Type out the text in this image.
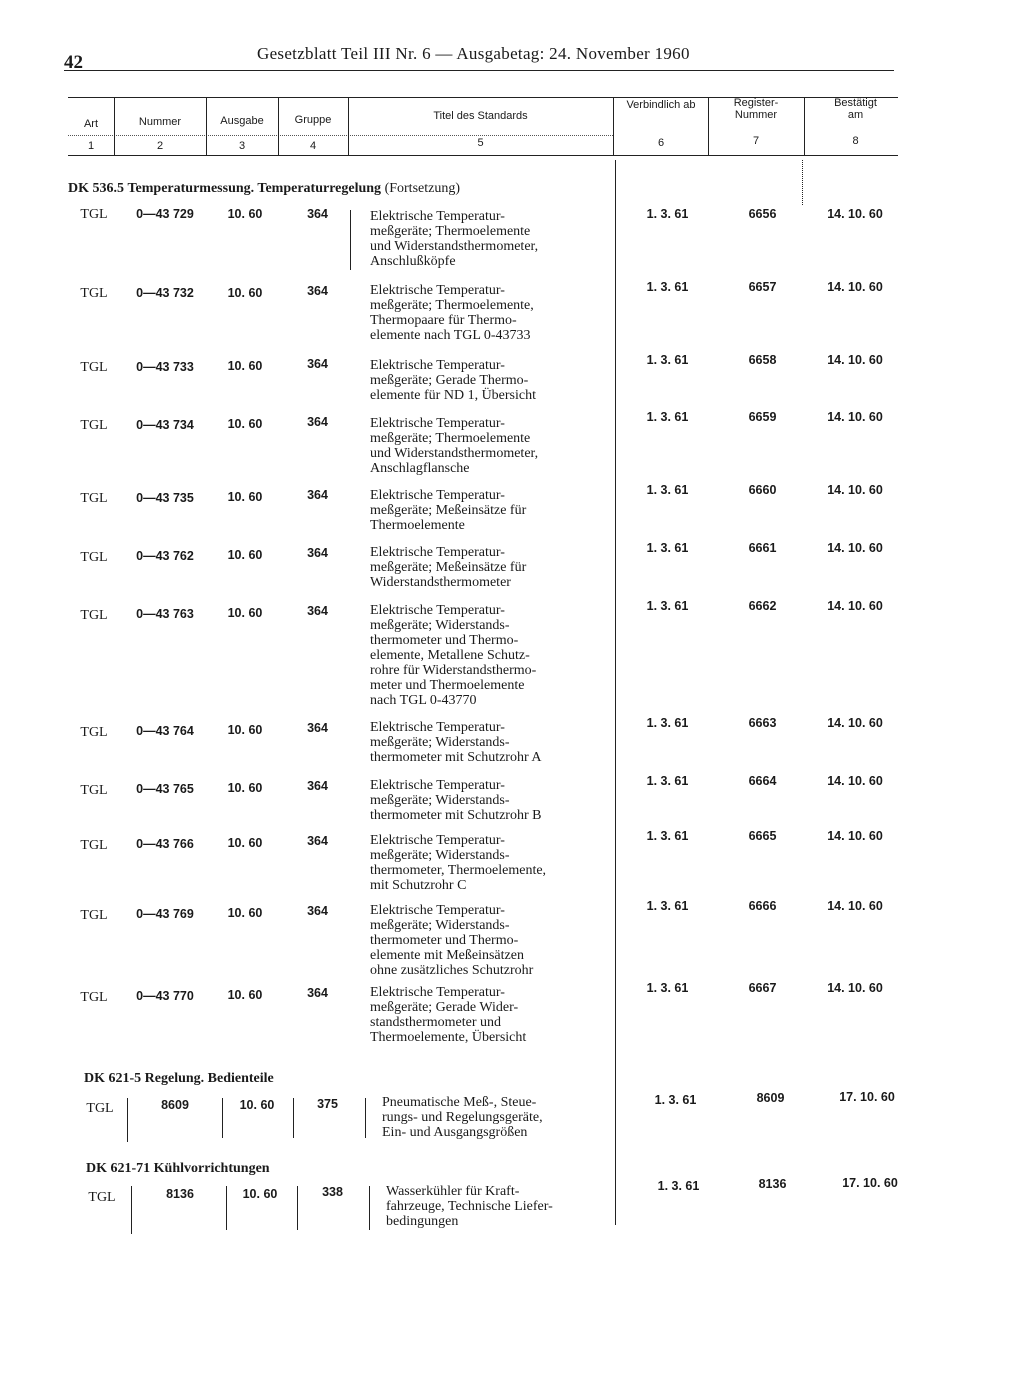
42	Gesetzblatt Teil III Nr. 6 — Ausgabetag: 24. November 1960
Art	Nummer	Ausgabe	Gruppe	Titel des Standards
Verbindlich ab	Register-Nummer
Bestätigt am
1	2	3	4	5	6	7	8
DK 536.5 Temperaturmessung. Temperaturregelung (Fortsetzung)
TGL	0—43 729	10. 60	364	Elektrische Temperatur-
meßgeräte; Thermoelemente
und Widerstandsthermometer,
Anschlußköpfe
1. 3. 61	6656	14. 10. 60
TGL	0—43 732	10. 60	364	Elektrische Temperatur-
meßgeräte; Thermoelemente,
Thermopaare für Thermo-
elemente nach TGL 0-43733
1. 3. 61	6657	14. 10. 60
TGL	0—43 733	10. 60	364	Elektrische Temperatur-
meßgeräte; Gerade Thermo-
elemente für ND 1, Übersicht
1. 3. 61	6658	14. 10. 60
TGL	0—43 734	10. 60	364	Elektrische Temperatur-
meßgeräte; Thermoelemente
und Widerstandsthermometer,
Anschlagflansche
1. 3. 61	6659	14. 10. 60
TGL	0—43 735	10. 60	364	Elektrische Temperatur-
meßgeräte; Meßeinsätze für
Thermoelemente
1. 3. 61	6660	14. 10. 60
TGL	0—43 762	10. 60	364	Elektrische Temperatur-
meßgeräte; Meßeinsätze für
Widerstandsthermometer
1. 3. 61	6661	14. 10. 60
TGL	0—43 763	10. 60	364	Elektrische Temperatur-
meßgeräte; Widerstands-
thermometer und Thermo-
elemente, Metallene Schutz-
rohre für Widerstandsthermo-
meter und Thermoelemente
nach TGL 0-43770
1. 3. 61	6662	14. 10. 60
TGL	0—43 764	10. 60	364	Elektrische Temperatur-
meßgeräte; Widerstands-
thermometer mit Schutzrohr A
1. 3. 61	6663	14. 10. 60
TGL	0—43 765	10. 60	364	Elektrische Temperatur-
meßgeräte; Widerstands-
thermometer mit Schutzrohr B
1. 3. 61	6664	14. 10. 60
TGL	0—43 766	10. 60	364	Elektrische Temperatur-
meßgeräte; Widerstands-
thermometer, Thermoelemente,
mit Schutzrohr C
1. 3. 61	6665	14. 10. 60
TGL	0—43 769	10. 60	364	Elektrische Temperatur-
meßgeräte; Widerstands-
thermometer und Thermo-
elemente mit Meßeinsätzen
ohne zusätzliches Schutzrohr
1. 3. 61	6666	14. 10. 60
TGL	0—43 770	10. 60	364	Elektrische Temperatur-
meßgeräte; Gerade Wider-
standsthermometer und
Thermoelemente, Übersicht
1. 3. 61	6667	14. 10. 60
DK 621-5 Regelung. Bedienteile
TGL	8609	10. 60	375	Pneumatische Meß-, Steue-
rungs- und Regelungsgeräte,
Ein- und Ausgangsgrößen
1. 3. 61	8609	17. 10. 60
DK 621-71 Kühlvorrichtungen
TGL	8136	10. 60	338	Wasserkühler für Kraft-
fahrzeuge, Technische Liefer-
bedingungen
1. 3. 61	8136	17. 10. 60
